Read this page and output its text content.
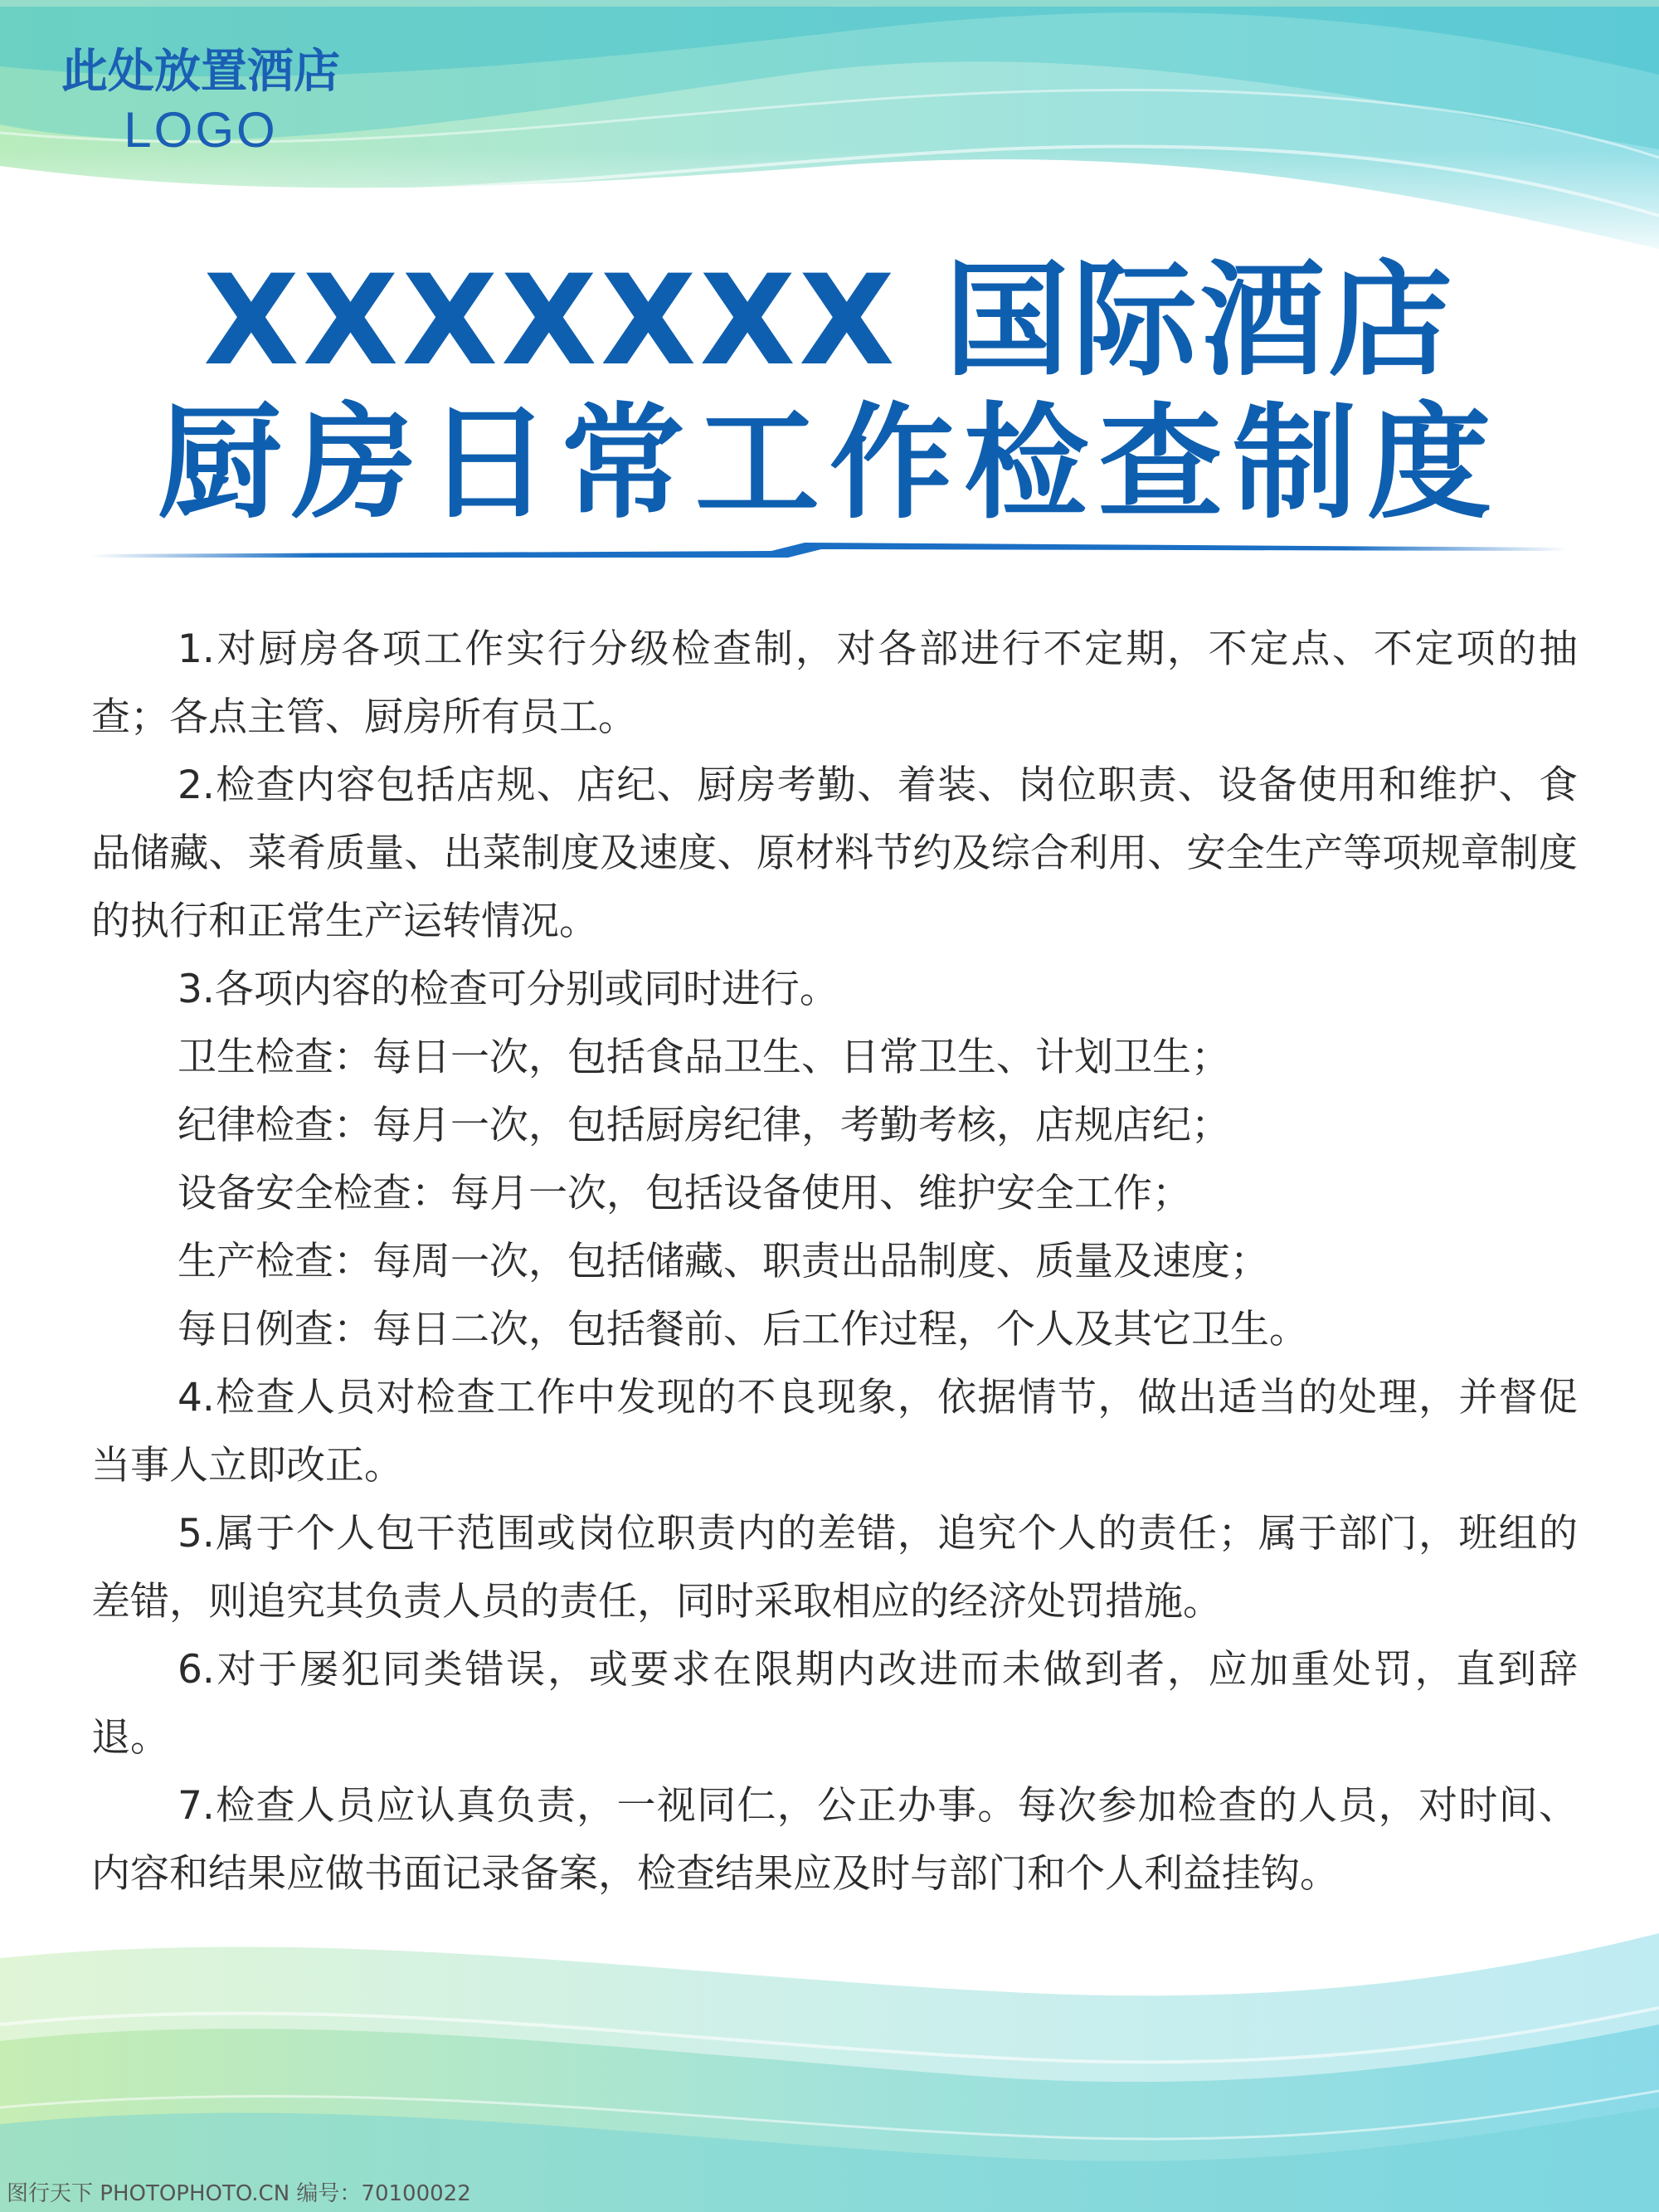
此处放置酒店
LOGO
XXXXXXX 国际酒店
厨房日常工作检查制度

1.对厨房各项工作实行分级检查制，对各部进行不定期，不定点、不定项的抽查；各点主管、厨房所有员工。

2.检查内容包括店规、店纪、厨房考勤、着装、岗位职责、设备使用和维护、食品储藏、菜肴质量、出菜制度及速度、原材料节约及综合利用、安全生产等项规章制度的执行和正常生产运转情况。

3.各项内容的检查可分别或同时进行。

卫生检查：每日一次，包括食品卫生、日常卫生、计划卫生；

纪律检查：每月一次，包括厨房纪律，考勤考核，店规店纪；

设备安全检查：每月一次，包括设备使用、维护安全工作；

生产检查：每周一次，包括储藏、职责出品制度、质量及速度；

每日例查：每日二次，包括餐前、后工作过程，个人及其它卫生。

4.检查人员对检查工作中发现的不良现象，依据情节，做出适当的处理，并督促当事人立即改正。

5.属于个人包干范围或岗位职责内的差错，追究个人的责任；属于部门，班组的差错，则追究其负责人员的责任，同时采取相应的经济处罚措施。

6.对于屡犯同类错误，或要求在限期内改进而未做到者，应加重处罚，直到辞退。

7.检查人员应认真负责，一视同仁，公正办事。每次参加检查的人员，对时间、内容和结果应做书面记录备案，检查结果应及时与部门和个人利益挂钩。

图行天下 PHOTOPHOTO.CN 编号：70100022
